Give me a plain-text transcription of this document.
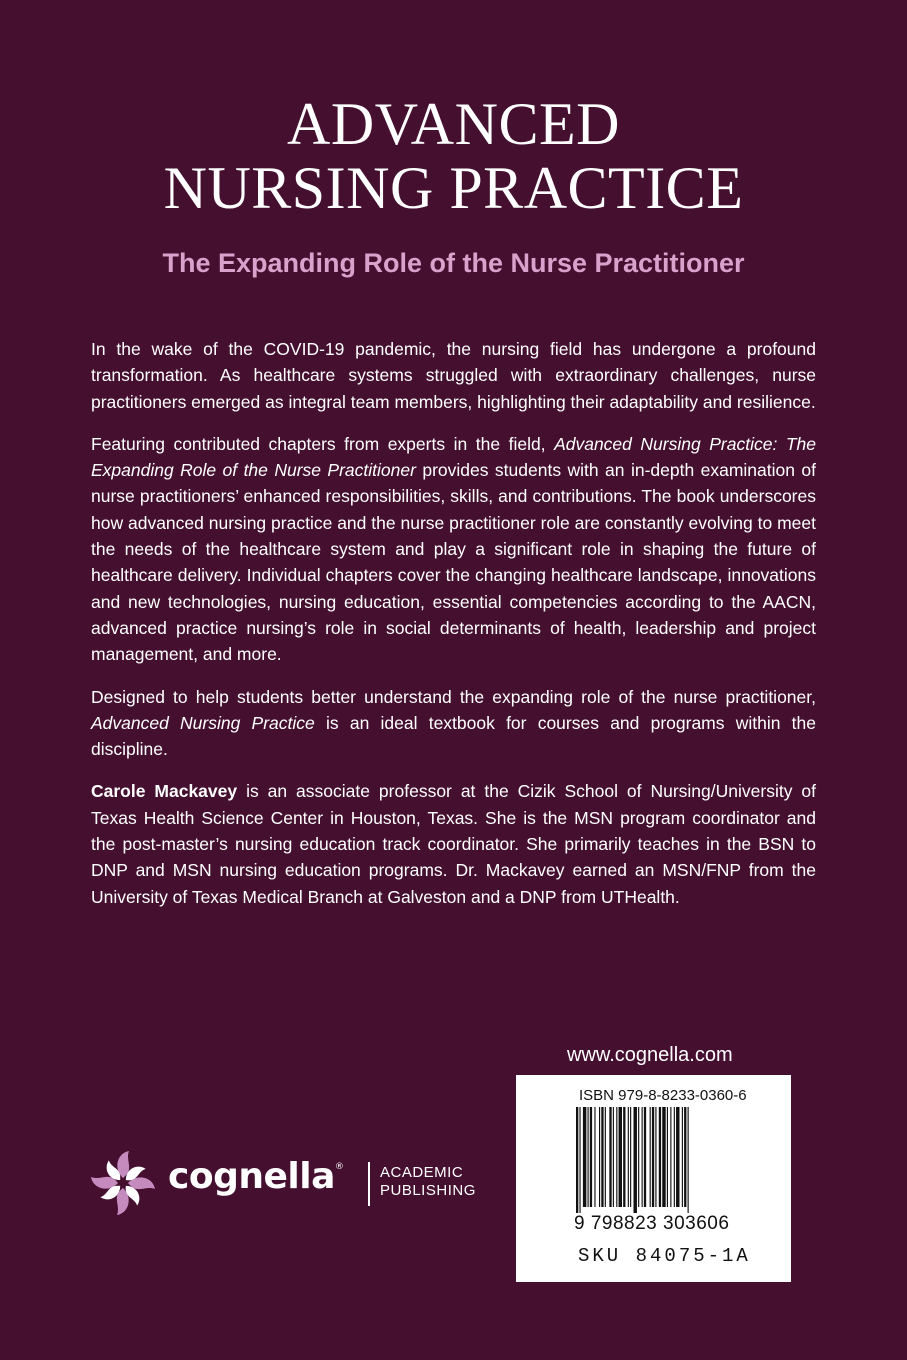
ADVANCED
NURSING PRACTICE
The Expanding Role of the Nurse Practitioner

In the wake of the COVID-19 pandemic, the nursing field has undergone a profound transformation. As healthcare systems struggled with extraordinary challenges, nurse practitioners emerged as integral team members, highlighting their adaptability and resilience.

Featuring contributed chapters from experts in the field, Advanced Nursing Practice: The Expanding Role of the Nurse Practitioner provides students with an in-depth examination of nurse practitioners’ enhanced responsibilities, skills, and contributions. The book underscores how advanced nursing practice and the nurse practitioner role are constantly evolving to meet the needs of the healthcare system and play a significant role in shaping the future of healthcare delivery. Individual chapters cover the changing healthcare landscape, innovations and new technologies, nursing education, essential competencies according to the AACN, advanced practice nursing’s role in social determinants of health, leadership and project management, and more.

Designed to help students better understand the expanding role of the nurse practitioner, Advanced Nursing Practice is an ideal textbook for courses and programs within the discipline.

Carole Mackavey is an associate professor at the Cizik School of Nursing/University of Texas Health Science Center in Houston, Texas. She is the MSN program coordinator and the post-master’s nursing education track coordinator. She primarily teaches in the BSN to DNP and MSN nursing education programs. Dr. Mackavey earned an MSN/FNP from the University of Texas Medical Branch at Galveston and a DNP from UTHealth.

www.cognella.com
ISBN 979-8-8233-0360-6
9 798823 303606
SKU 84075-1A
cognella® ACADEMIC
PUBLISHING
